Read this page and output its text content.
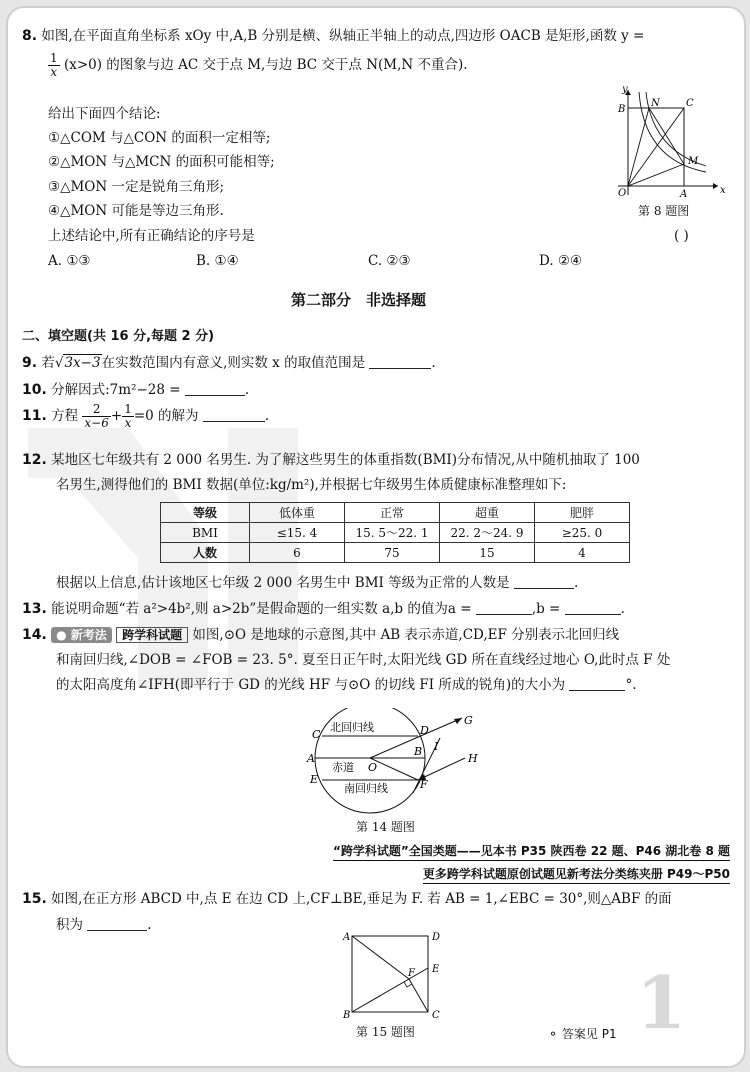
8. 如图,在平面直角坐标系 xOy 中,A,B 分别是横、纵轴正半轴上的动点,四边形 OACB 是矩形,函数 y =
$\frac{1}{x} (x>0)$ 的图象与边 AC 交于点 M,与边 BC 交于点 N(M,N 不重合).
给出下面四个结论:
①△COM 与△CON 的面积一定相等;
②△MON 与△MCN 的面积可能相等;
③△MON 一定是锐角三角形;
④△MON 可能是等边三角形.
上述结论中,所有正确结论的序号是	( )
A. ①③	B. ①④	C. ②③	D. ②④
y
x
B
N	C
M
O	A
第 8 题图
第二部分　非选择题
二、填空题(共 16 分,每题 2 分)
9. 若√3x−3在实数范围内有意义,则实数 x 的取值范围是	.
10. 分解因式:7m²−28 =	.
11. 方程 $\frac{2}{x-6} + \frac{1}{x} =0$ 的解为	.
12. 某地区七年级共有 2 000 名男生. 为了解这些男生的体重指数(BMI)分布情况,从中随机抽取了 100
名男生,测得他们的 BMI 数据(单位:kg/m²),并根据七年级男生体质健康标准整理如下:
等级	低体重	正常	超重	肥胖
BMI	≤15. 4	15. 5～22. 1	22. 2～24. 9	≥25. 0
人数	6	75	15	4
根据以上信息,估计该地区七年级 2 000 名男生中 BMI 等级为正常的人数是	.
13. 能说明命题“若 a²>4b²,则 a>2b”是假命题的一组实数 a,b 的值为a =	,b =	.
14. ● 新考法 跨学科试题 如图,⊙O 是地球的示意图,其中 AB 表示赤道,CD,EF 分别表示北回归线
和南回归线,∠DOB = ∠FOB = 23. 5°. 夏至日正午时,太阳光线 GD 所在直线经过地心 O,此时点 F 处
的太阳高度角∠IFH(即平行于 GD 的光线 HF 与⊙O 的切线 FI 所成的锐角)的大小为	°.
北回归线
赤道
南回归线
C	D
A
B
E	F
O
G
H
I
第 14 题图
“跨学科试题”全国类题——见本书 P35 陕西卷 22 题、P46 湖北卷 8 题
更多跨学科试题原创试题见新考法分类练夹册 P49～P50
15. 如图,在正方形 ABCD 中,点 E 在边 CD 上,CF⊥BE,垂足为 F. 若 AB = 1,∠EBC = 30°,则△ABF 的面
积为	.
A	D
F E
B	C
第 15 题图	⚬ 答案见 P1 1
